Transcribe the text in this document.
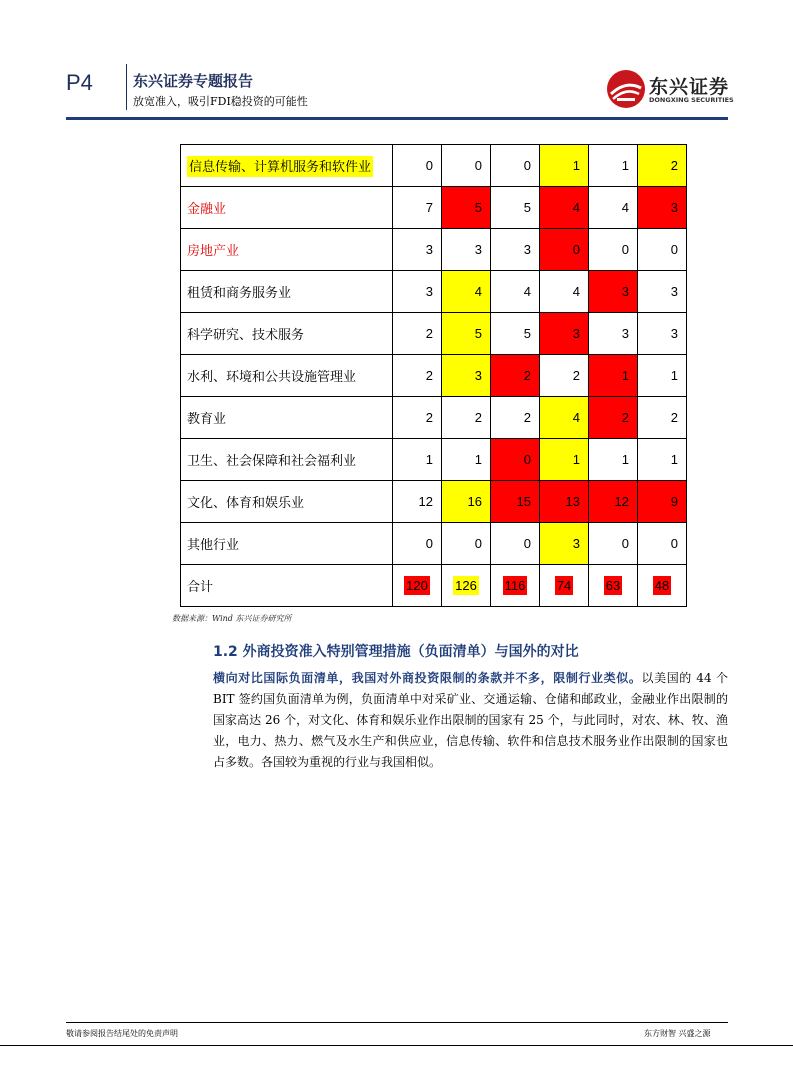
P4	东兴证券专题报告
放宽准入，吸引FDI稳投资的可能性
东兴证券
DONGXING SECURITIES
信息传输、计算机服务和软件业	0	0	0	1	1	2
金融业	7	5	5	4	4	3
房地产业	3	3	3	0	0	0
租赁和商务服务业	3	4	4	4	3	3
科学研究、技术服务	2	5	5	3	3	3
水利、环境和公共设施管理业	2	3	2	2	1	1
教育业	2	2	2	4	2	2
卫生、社会保障和社会福利业	1	1	0	1	1	1
文化、体育和娱乐业	12	16	15	13	12	9
其他行业	0	0	0	3	0	0
合计	120	126	116	74	63	48
数据来源：Wind 东兴证券研究所
1.2 外商投资准入特别管理措施（负面清单）与国外的对比
横向对比国际负面清单，我国对外商投资限制的条款并不多，限制行业类似。以美国的 44 个 BIT 签约国负面清单为例，负面清单中对采矿业、交通运输、仓储和邮政业，金融业作出限制的国家高达 26 个，对文化、体育和娱乐业作出限制的国家有 25 个，与此同时，对农、林、牧、渔业，电力、热力、燃气及水生产和供应业，信息传输、软件和信息技术服务业作出限制的国家也占多数。各国较为重视的行业与我国相似。
敬请参阅报告结尾处的免责声明	东方财智 兴盛之源
